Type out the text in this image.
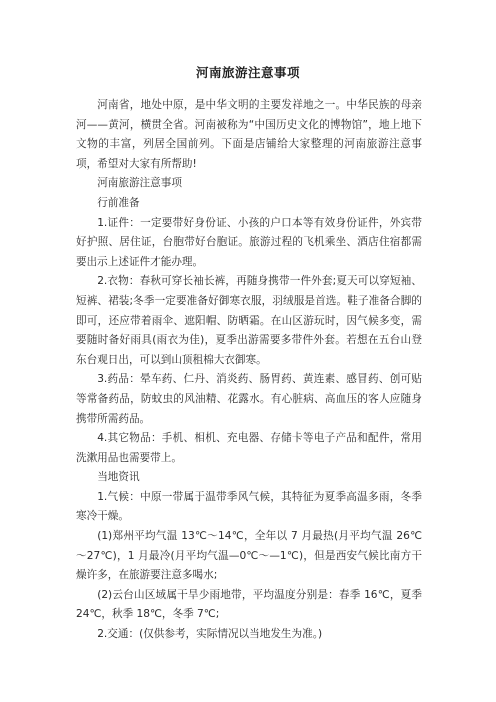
河南旅游注意事项

河南省，地处中原，是中华文明的主要发祥地之一。中华民族的母亲河——黄河，横贯全省。河南被称为“中国历史文化的博物馆”，地上地下文物的丰富，列居全国前列。下面是店铺给大家整理的河南旅游注意事项，希望对大家有所帮助!

河南旅游注意事项

行前准备

1.证件：一定要带好身份证、小孩的户口本等有效身份证件，外宾带好护照、居住证，台胞带好台胞证。旅游过程的飞机乘坐、酒店住宿都需要出示上述证件才能办理。

2.衣物：春秋可穿长袖长裤，再随身携带一件外套;夏天可以穿短袖、短裤、裙装;冬季一定要准备好御寒衣服，羽绒服是首选。鞋子准备合脚的即可，还应带着雨伞、遮阳帽、防晒霜。在山区游玩时，因气候多变，需要随时备好雨具(雨衣为佳)，夏季出游需要多带件外套。若想在五台山登东台观日出，可以到山顶租棉大衣御寒。

3.药品：晕车药、仁丹、消炎药、肠胃药、黄连素、感冒药、创可贴等常备药品，防蚊虫的风油精、花露水。有心脏病、高血压的客人应随身携带所需药品。

4.其它物品：手机、相机、充电器、存储卡等电子产品和配件，常用洗漱用品也需要带上。

当地资讯

1.气候：中原一带属于温带季风气候，其特征为夏季高温多雨，冬季寒冷干燥。

(1)郑州平均气温 13℃～14℃，全年以 7 月最热(月平均气温 26℃～27℃)，1 月最冷(月平均气温—0℃～—1℃)，但是西安气候比南方干燥许多，在旅游要注意多喝水;

(2)云台山区域属干旱少雨地带，平均温度分别是：春季 16℃，夏季 24℃，秋季 18℃，冬季 7℃;

2.交通：(仅供参考，实际情况以当地发生为准。)
